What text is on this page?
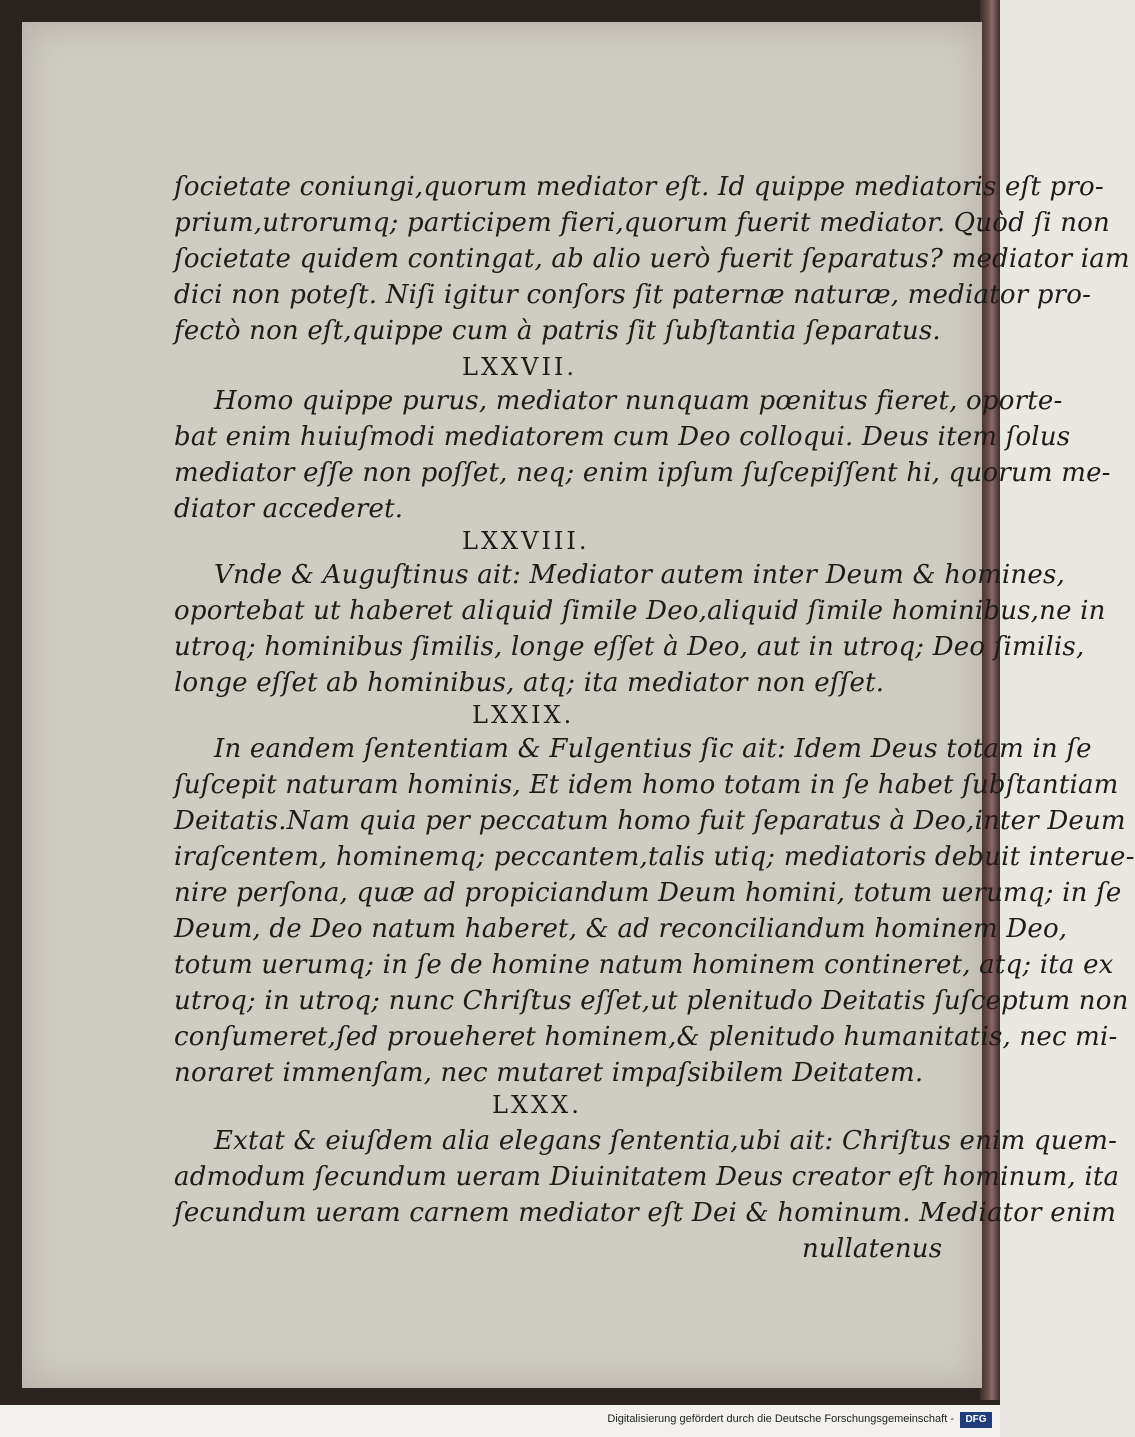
ſocietate coniungi,quorum mediator eſt. Id quippe mediatoris eſt pro-

prium,utrorumq; participem fieri,quorum fuerit mediator. Quòd ſi non

ſocietate quidem contingat, ab alio uerò fuerit ſeparatus? mediator iam

dici non poteſt. Niſi igitur conſors ſit paternæ naturæ, mediator pro-

fectò non eſt,quippe cum à patris ſit ſubſtantia ſeparatus.

LXXVII.

Homo quippe purus, mediator nunquam pœnitus fieret, oporte-

bat enim huiuſmodi mediatorem cum Deo colloqui. Deus item ſolus

mediator eſſe non poſſet, neq; enim ipſum ſuſcepiſſent hi, quorum me-

diator accederet.

LXXVIII.

Vnde & Auguſtinus ait: Mediator autem inter Deum & homines,

oportebat ut haberet aliquid ſimile Deo,aliquid ſimile hominibus,ne in

utroq; hominibus ſimilis, longe eſſet à Deo, aut in utroq; Deo ſimilis,

longe eſſet ab hominibus, atq; ita mediator non eſſet.

LXXIX.

In eandem ſententiam & Fulgentius ſic ait: Idem Deus totam in ſe

ſuſcepit naturam hominis, Et idem homo totam in ſe habet ſubſtantiam

Deitatis.Nam quia per peccatum homo fuit ſeparatus à Deo,inter Deum

iraſcentem, hominemq; peccantem,talis utiq; mediatoris debuit interue-

nire perſona, quæ ad propiciandum Deum homini, totum uerumq; in ſe

Deum, de Deo natum haberet, & ad reconciliandum hominem Deo,

totum uerumq; in ſe de homine natum hominem contineret, atq; ita ex

utroq; in utroq; nunc Chriſtus eſſet,ut plenitudo Deitatis ſuſceptum non

conſumeret,ſed proueheret hominem,& plenitudo humanitatis, nec mi-

noraret immenſam, nec mutaret impaſsibilem Deitatem.

LXXX.

Extat & eiuſdem alia elegans ſententia,ubi ait: Chriſtus enim quem-

admodum ſecundum ueram Diuinitatem Deus creator eſt hominum, ita

ſecundum ueram carnem mediator eſt Dei & hominum. Mediator enim

nullatenus

Digitalisierung gefördert durch die Deutsche Forschungsgemeinschaft -	DFG
